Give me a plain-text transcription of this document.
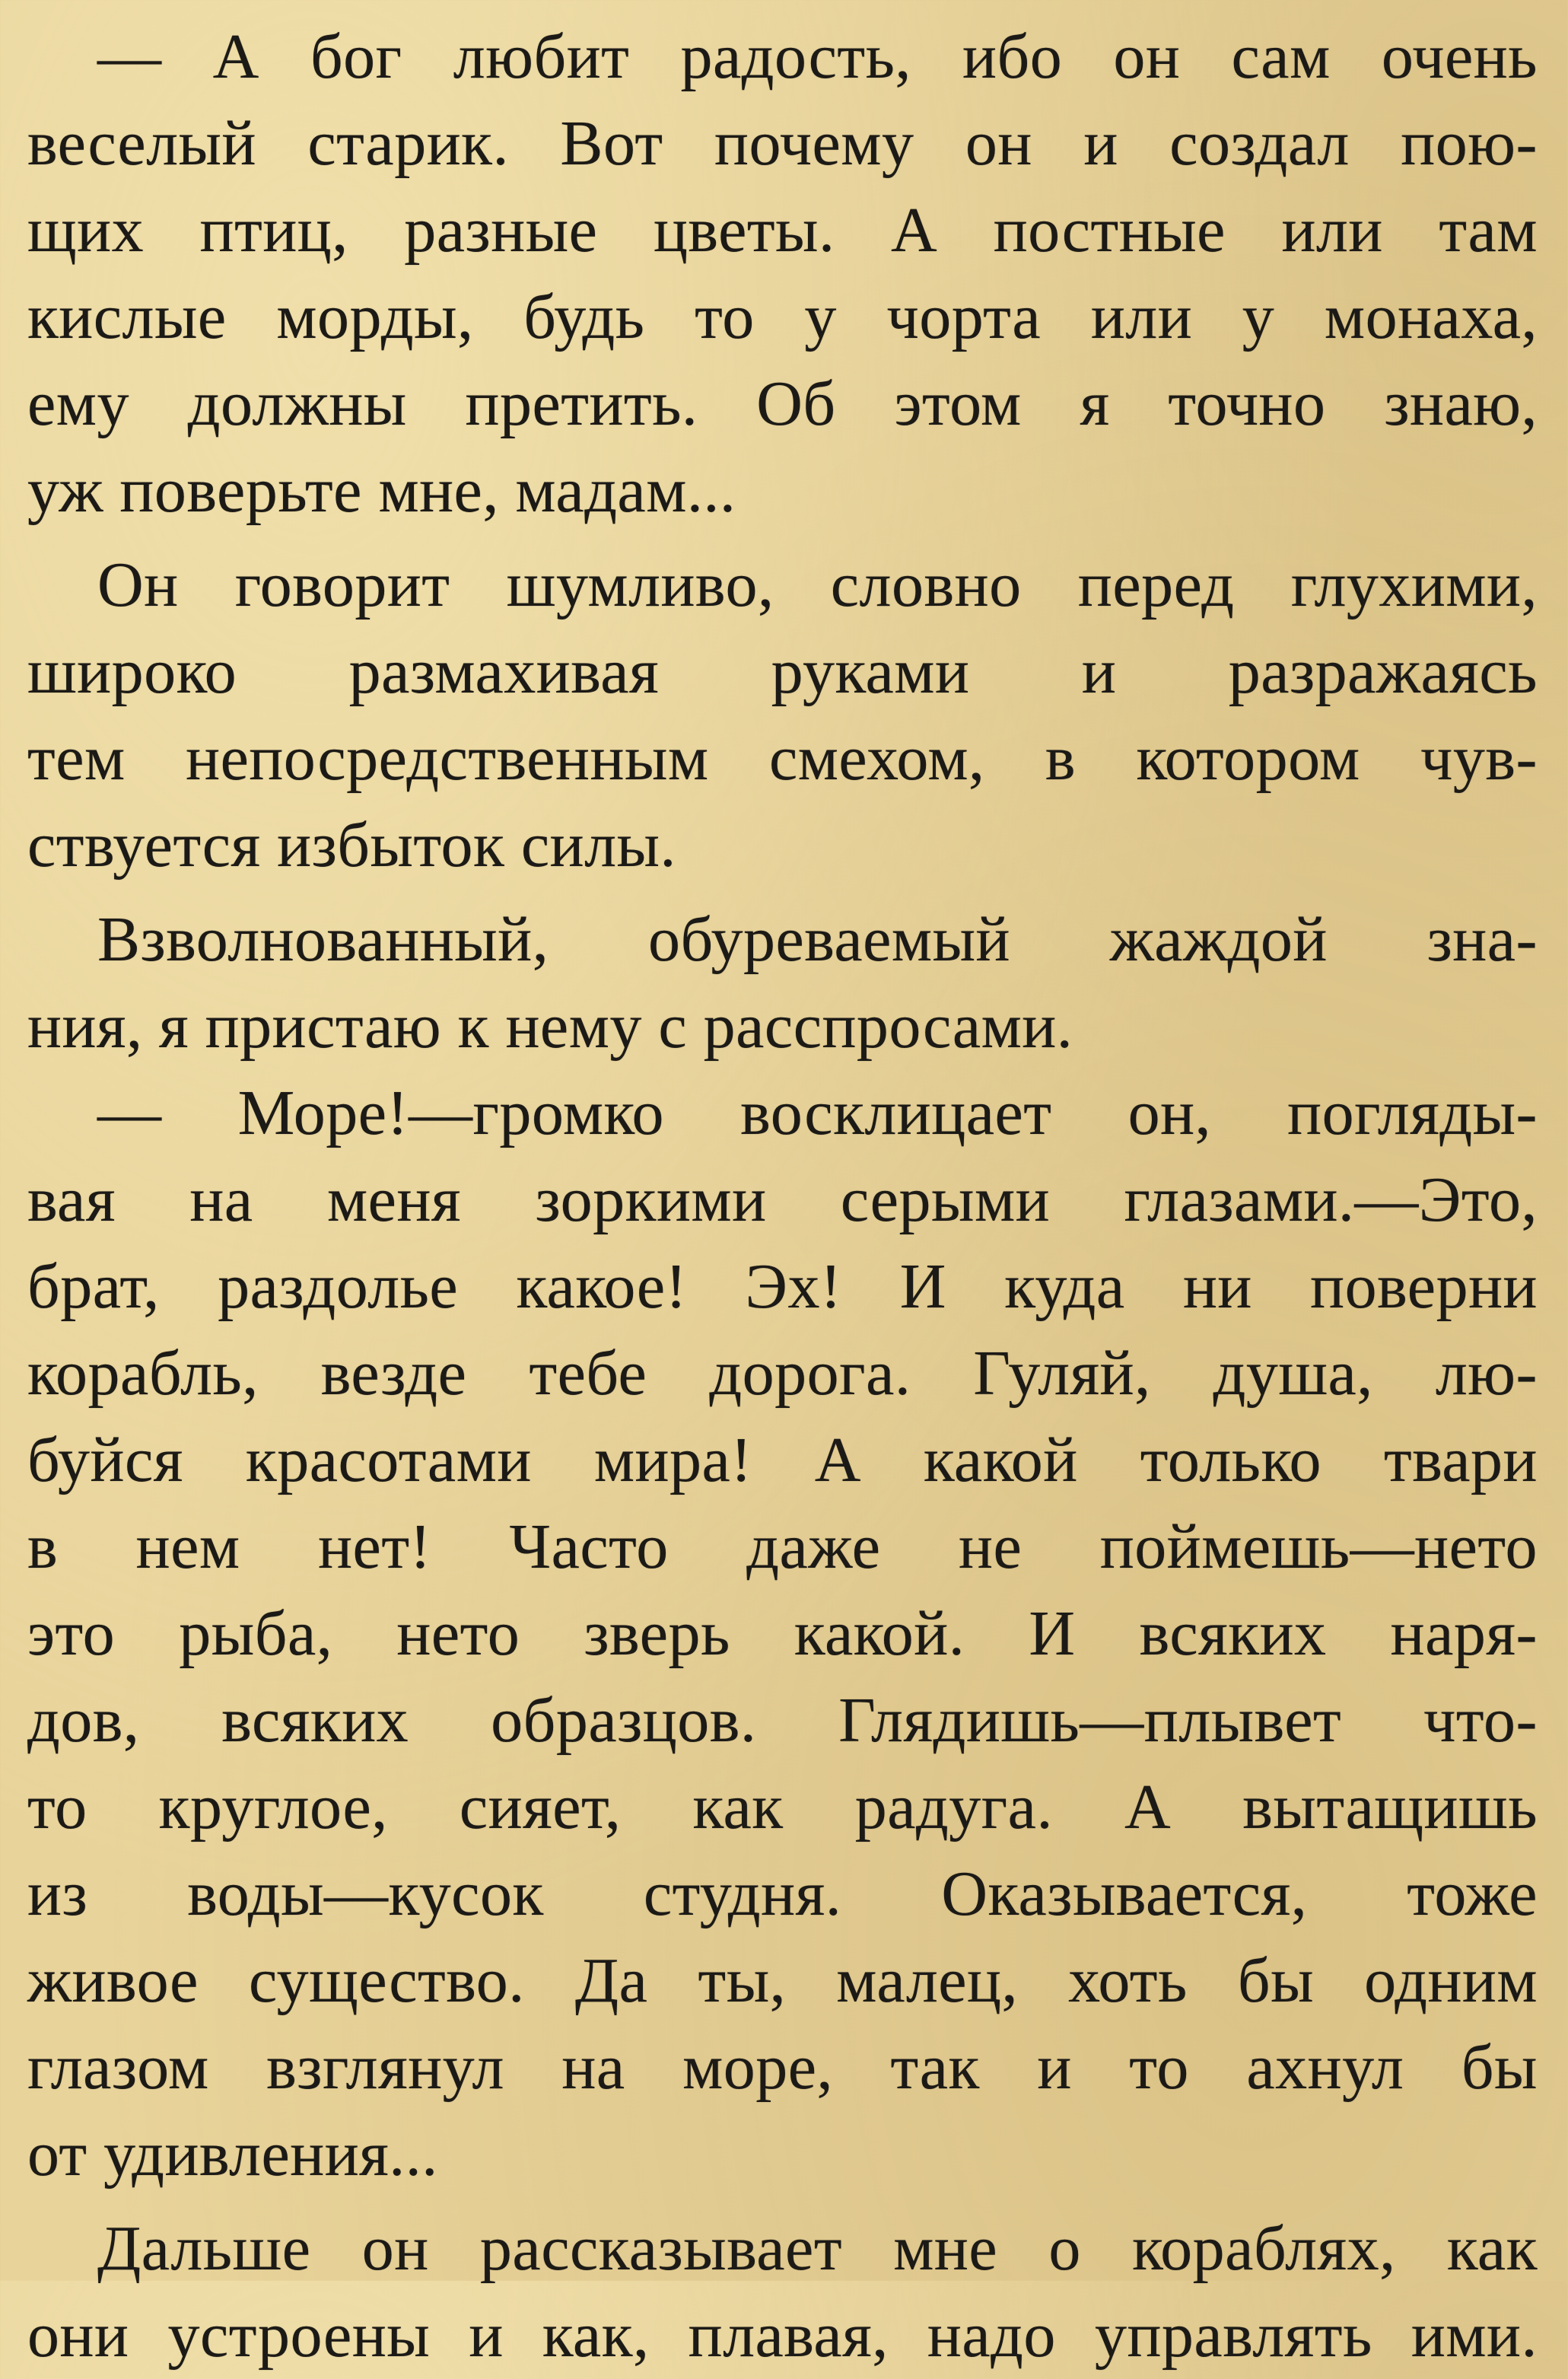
— А бог любит радость, ибо он сам очень
веселый старик. Вот почему он и создал пою-
щих птиц, разные цветы. А постные или там
кислые морды, будь то у чорта или у монаха,
ему должны претить. Об этом я точно знаю,
уж поверьте мне, мадам...
Он говорит шумливо, словно перед глухими,
широко размахивая руками и разражаясь
тем непосредственным смехом, в котором чув-
ствуется избыток силы.
Взволнованный, обуреваемый жаждой зна-
ния, я пристаю к нему с расспросами.
— Море!—громко восклицает он, погляды-
вая на меня зоркими серыми глазами.—Это,
брат, раздолье какое! Эх! И куда ни поверни
корабль, везде тебе дорога. Гуляй, душа, лю-
буйся красотами мира! А какой только твари
в нем нет! Часто даже не поймешь—нето
это рыба, нето зверь какой. И всяких наря-
дов, всяких образцов. Глядишь—плывет что-
то круглое, сияет, как радуга. А вытащишь
из воды—кусок студня. Оказывается, тоже
живое существо. Да ты, малец, хоть бы одним
глазом взглянул на море, так и то ахнул бы
от удивления...
Дальше он рассказывает мне о кораблях, как
они устроены и как, плавая, надо управлять ими.
